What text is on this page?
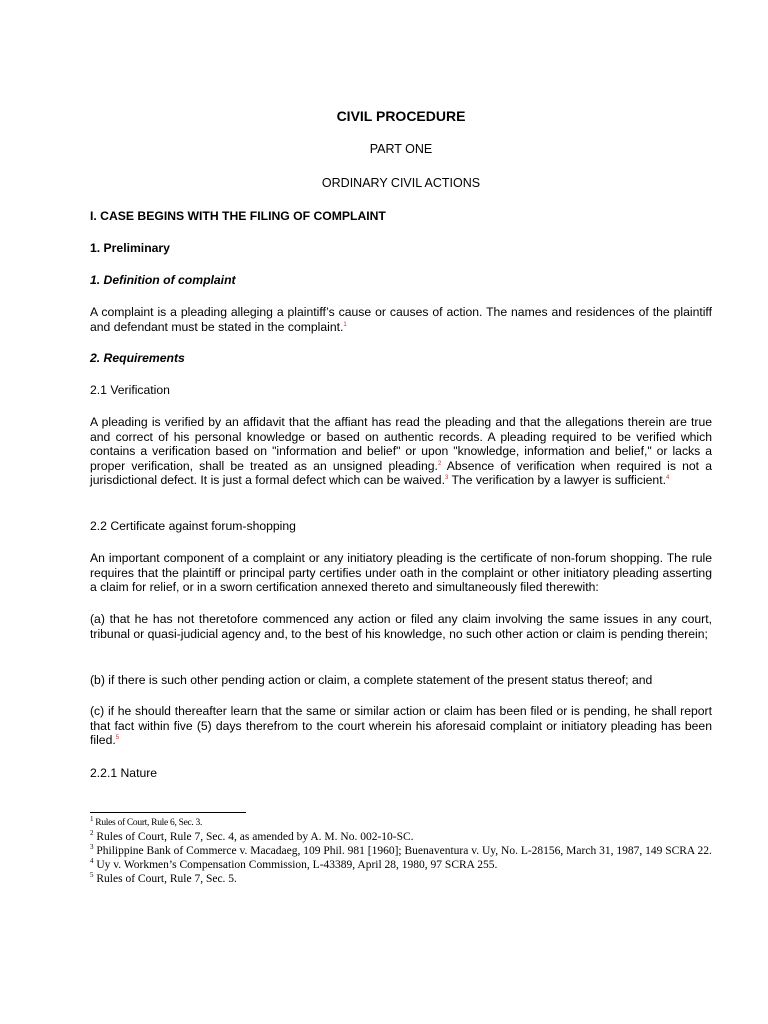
CIVIL PROCEDURE
PART ONE
ORDINARY CIVIL ACTIONS
I. CASE BEGINS WITH THE FILING OF COMPLAINT
1. Preliminary
1. Definition of complaint
A complaint is a pleading alleging a plaintiff’s cause or causes of action. The names and residences of the plaintiff and defendant must be stated in the complaint.$^1$
2. Requirements
2.1 Verification
A pleading is verified by an affidavit that the affiant has read the pleading and that the allegations therein are true and correct of his personal knowledge or based on authentic records. A pleading required to be verified which contains a verification based on "information and belief" or upon "knowledge, information and belief," or lacks a proper verification, shall be treated as an unsigned pleading.$^2$ Absence of verification when required is not a jurisdictional defect. It is just a formal defect which can be waived.$^3$ The verification by a lawyer is sufficient.$^4$
2.2 Certificate against forum-shopping
An important component of a complaint or any initiatory pleading is the certificate of non-forum shopping. The rule requires that the plaintiff or principal party certifies under oath in the complaint or other initiatory pleading asserting a claim for relief, or in a sworn certification annexed thereto and simultaneously filed therewith:
(a) that he has not theretofore commenced any action or filed any claim involving the same issues in any court, tribunal or quasi-judicial agency and, to the best of his knowledge, no such other action or claim is pending therein;
(b) if there is such other pending action or claim, a complete statement of the present status thereof; and
(c) if he should thereafter learn that the same or similar action or claim has been filed or is pending, he shall report that fact within five (5) days therefrom to the court wherein his aforesaid complaint or initiatory pleading has been filed.$^5$
2.2.1 Nature

$^1$ Rules of Court, Rule 6, Sec. 3.

$^2$ Rules of Court, Rule 7, Sec. 4, as amended by A. M. No. 002-10-SC.

$^3$ Philippine Bank of Commerce v. Macadaeg, 109 Phil. 981 [1960]; Buenaventura v. Uy, No. L-28156, March 31, 1987, 149 SCRA 22.

$^4$ Uy v. Workmen’s Compensation Commission, L-43389, April 28, 1980, 97 SCRA 255.

$^5$ Rules of Court, Rule 7, Sec. 5.
